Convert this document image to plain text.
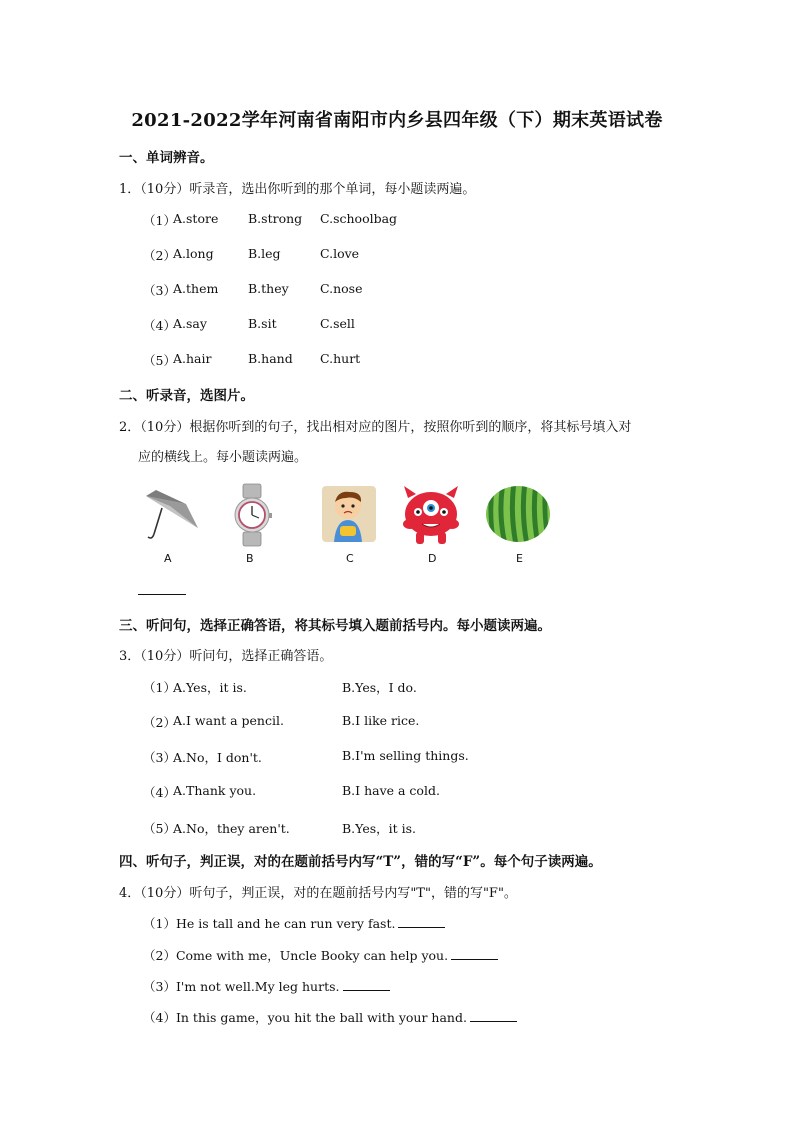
2021-2022学年河南省南阳市内乡县四年级（下）期末英语试卷
一、单词辨音。
1．（10分）听录音，选出你听到的那个单词，每小题读两遍。
（1）
A.store B.strong C.schoolbag
（2）
A.long	B.leg	C.love
（3）
A.them B.they	C.nose
（4）
A.say	B.sit	C.sell
（5）
A.hair	B.hand C.hurt
二、听录音，选图片。
2．（10分）根据你听到的句子，找出相对应的图片，按照你听到的顺序，将其标号填入对
应的横线上。每小题读两遍。
A	B	C	D	E
三、听问句，选择正确答语，将其标号填入题前括号内。每小题读两遍。
3．（10分）听问句，选择正确答语。
（1）
A.Yes，it is.	B.Yes，I do.
（2）
A.I want a pencil.	B.I like rice.
（3）
A.No，I don't.	B.I'm selling things.
（4）
A.Thank you.	B.I have a cold.
（5）
A.No，they aren't.	B.Yes，it is.
四、听句子，判正误，对的在题前括号内写“T”，错的写“F”。每个句子读两遍。
4．（10分）听句子，判正误，对的在题前括号内写"T"，错的写"F"。
（1）He is tall and he can run very fast.
（2）Come with me，Uncle Booky can help you.
（3）I'm not well.My leg hurts.
（4）In this game，you hit the ball with your hand.
